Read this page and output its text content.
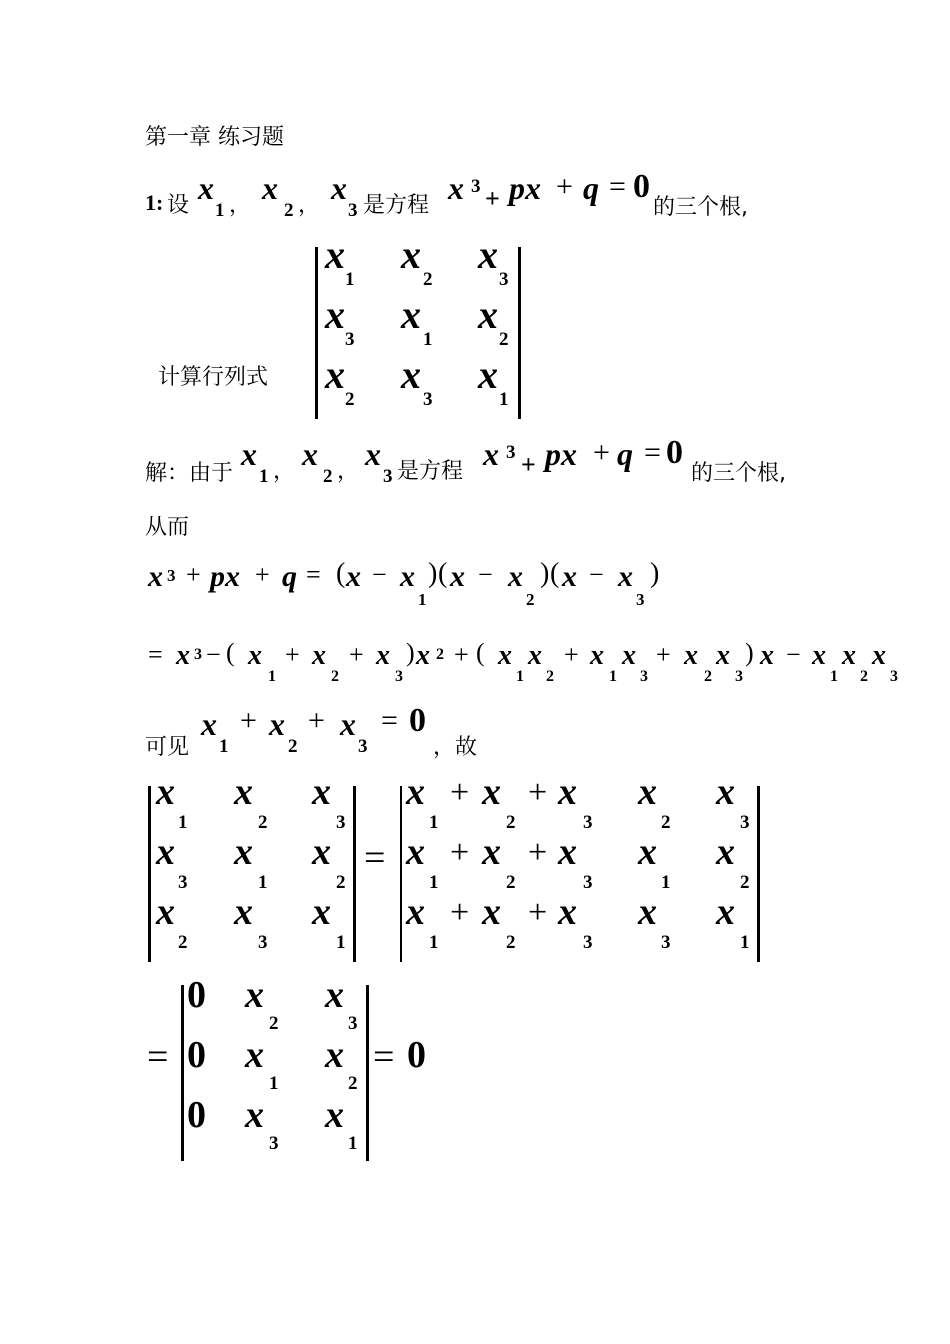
第一章 练习题
1: 设 x
1 ， x
2 ， x
3 是方程 x 3 + px + q = 0
的三个根,
计算行列式
x
1
x
2
x
3
x
3
x
1
x
2
x
2
x
3
x
1
解：由于
x
1 ， x
2 ， x
3 是方程 x 3 + px + q = 0
的三个根,
从而
x 3 + px + q = ( x − x
1
) ( x − x
2
) ( x − x
3
)
= x 3 − ( x
1
+ x
2
+ x
3
) x 2 + ( x
1
x
2
+ x
1
x
3
+ x
2
x
3
) x − x
1
x
2
x
3
可见
x
1
+ x
2
+ x
3
= 0
，故
x
1
x
2
x
3
x
3
x
1
x
2
x
2
x
3
x
1
=
x
1
+ x
2
+ x
3
x
2
x
3
x
1
+ x
2
+ x
3
x
1
x
2
x
1
+ x
2
+ x
3
x
3
x
1
=
0 x
2
x
3
0 x
1
x
2
0 x
3
x
1
= 0
